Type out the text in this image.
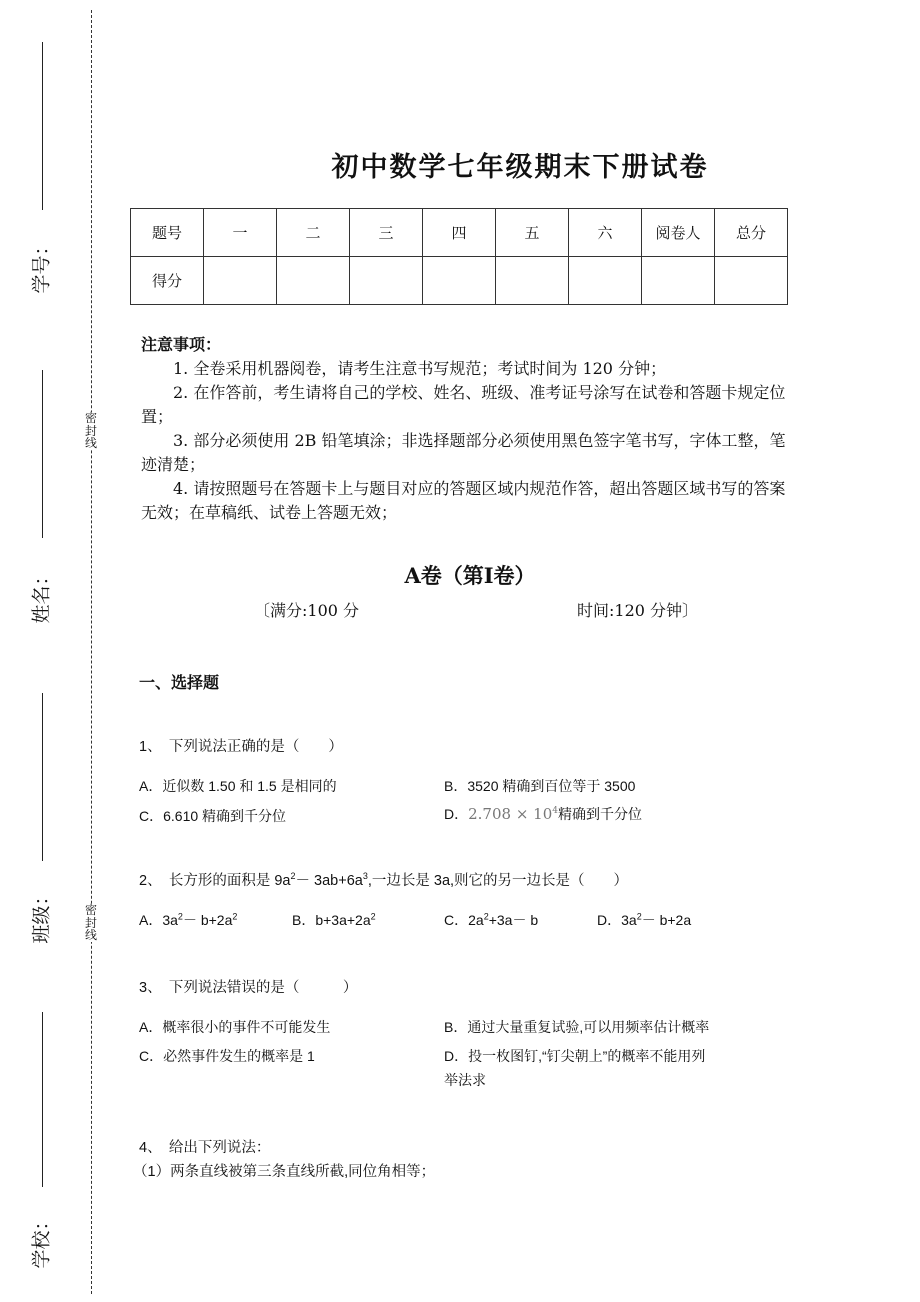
学号：
姓名：
班级：
学校：
密封线
密封线
初中数学七年级期末下册试卷
题号	一	二	三	四	五	六	阅卷人	总分
得分								

注意事项：

1. 全卷采用机器阅卷，请考生注意书写规范；考试时间为 120 分钟；

2. 在作答前，考生请将自己的学校、姓名、班级、准考证号涂写在试卷和答题卡规定位置；

3. 部分必须使用 2B 铅笔填涂；非选择题部分必须使用黑色签字笔书写，字体工整，笔迹清楚；

4. 请按照题号在答题卡上与题目对应的答题区域内规范作答，超出答题区域书写的答案无效；在草稿纸、试卷上答题无效；

A卷（第Ⅰ卷）
〔满分:100 分	时间:120 分钟〕
一、选择题
1、　下列说法正确的是（　　）
A．近似数 1.50 和 1.5 是相同的	B．3520 精确到百位等于 3500
C．6.610 精确到千分位	D．$2.708 \times 10^4$精确到千分位
2、　长方形的面积是 $9a^2- 3ab+6a^3$,一边长是 3a,则它的另一边长是（　　）
A．$3a^2- b+2a^2$	B．$b+3a+2a^2$	C．$2a^2+3a- b$	D．$3a^2- b+2a$
3、　下列说法错误的是（　　　）
A．概率很小的事件不可能发生	B．通过大量重复试验,可以用频率估计概率
C．必然事件发生的概率是 1	D．投一枚图钉,“钉尖朝上”的概率不能用列
举法求
4、　给出下列说法：
（1）两条直线被第三条直线所截,同位角相等；
